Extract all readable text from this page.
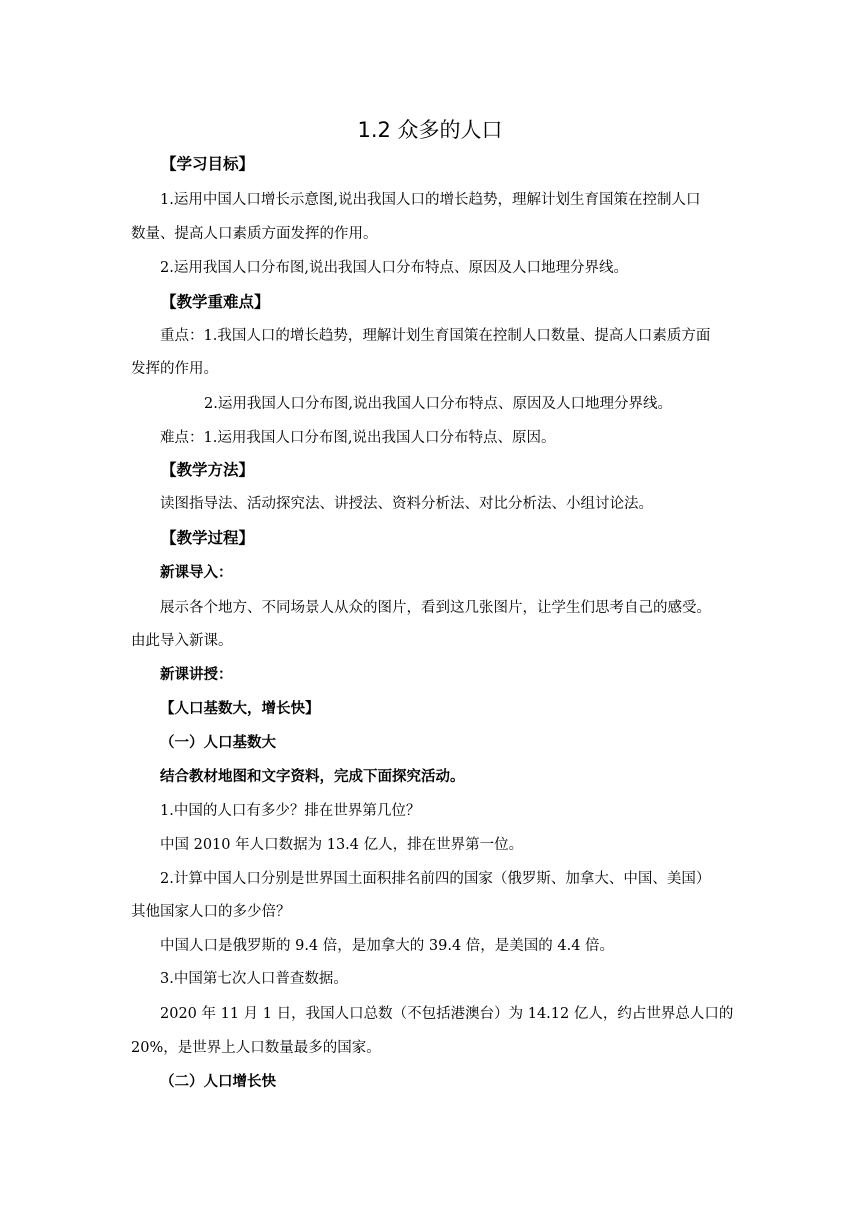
1.2 众多的人口
【学习目标】
1.运用中国人口增长示意图,说出我国人口的增长趋势，理解计划生育国策在控制人口
数量、提高人口素质方面发挥的作用。
2.运用我国人口分布图,说出我国人口分布特点、原因及人口地理分界线。
【教学重难点】
重点：1.我国人口的增长趋势，理解计划生育国策在控制人口数量、提高人口素质方面
发挥的作用。
2.运用我国人口分布图,说出我国人口分布特点、原因及人口地理分界线。
难点：1.运用我国人口分布图,说出我国人口分布特点、原因。
【教学方法】
读图指导法、活动探究法、讲授法、资料分析法、对比分析法、小组讨论法。
【教学过程】
新课导入：
展示各个地方、不同场景人从众的图片，看到这几张图片，让学生们思考自己的感受。
由此导入新课。
新课讲授：
【人口基数大，增长快】
（一）人口基数大
结合教材地图和文字资料，完成下面探究活动。
1.中国的人口有多少？排在世界第几位？
中国 2010 年人口数据为 13.4 亿人，排在世界第一位。
2.计算中国人口分别是世界国土面积排名前四的国家（俄罗斯、加拿大、中国、美国）
其他国家人口的多少倍？
中国人口是俄罗斯的 9.4 倍，是加拿大的 39.4 倍，是美国的 4.4 倍。
3.中国第七次人口普查数据。
2020 年 11 月 1 日，我国人口总数（不包括港澳台）为 14.12 亿人，约占世界总人口的
20%，是世界上人口数量最多的国家。
（二）人口增长快
